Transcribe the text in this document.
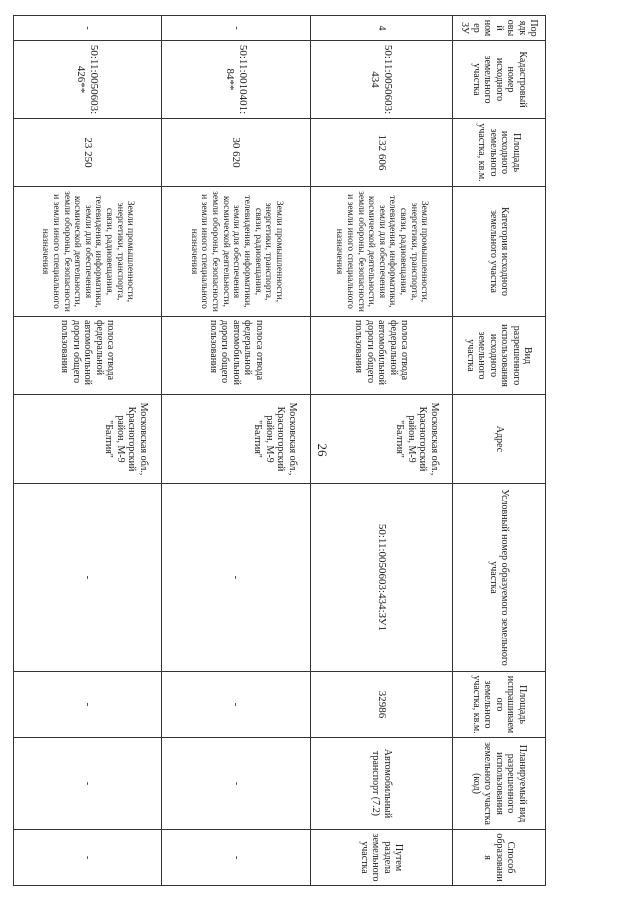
26
Порядковый номер ЗУ	Кадастровый номер исходного земельного участка	Площадь исходного земельного участка, кв.м.	Категория исходного земельного участка	Вид разрешенного использования исходного земельного участка	Адрес	Условный номер образуемого земельного участка	Площадь испрашиваемого земельного участка, кв.м.	Планируемый вид разрешенного использования земельного участка (код)	Способ образования
4	50:11:0050603:434	132 606	Земли промышленности, энергетики, транспорта, связи, радиовещания, телевидения, информатики, земли для обеспечения космической деятельности, земли обороны, безопасности и земли иного специального назначения	полоса отвода федеральной автомобильной дороги общего пользования	Московская обл., Красногорский район, М-9 "Балтия"	50:11:0050603:434:ЗУ1	32986	Автомобильный транспорт (7.2)	Путем раздела земельного участка
-	50:11:0010401:84**	30 620	Земли промышленности, энергетики, транспорта, связи, радиовещания, телевидения, информатики, земли для обеспечения космической деятельности, земли обороны, безопасности и земли иного специального назначения	полоса отвода федеральной автомобильной дороги общего пользования	Московская обл., Красногорский район, М-9 "Балтия"	-	-	-	-
-	50:11:0050603:426**	23 250	Земли промышленности, энергетики, транспорта, связи, радиовещания, телевидения, информатики, земли для обеспечения космической деятельности, земли обороны, безопасности и земли иного специального назначения	полоса отвода федеральной автомобильной дороги общего пользования	Московская обл., Красногорский район, М-9 "Балтия"	-	-	-	-
